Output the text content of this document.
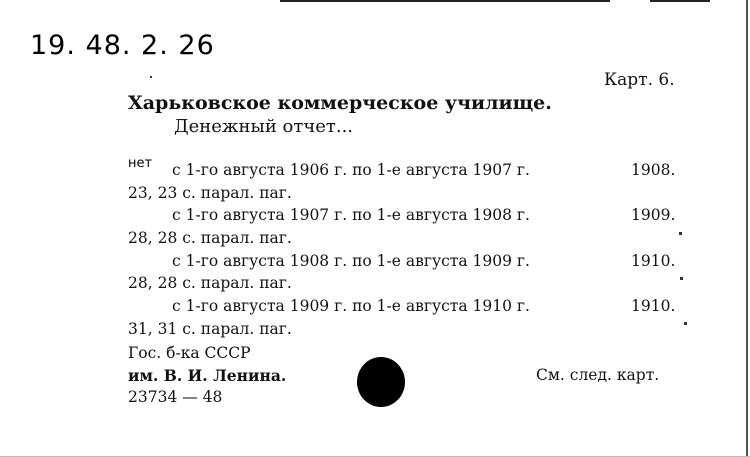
19. 48. 2. 26
Карт. 6.
Харьковское коммерческое училище.
Денежный отчет...
нет с 1-го августа 1906 г. по 1-е августа 1907 г.	1908.
23, 23 с. парал. паг.
с 1-го августа 1907 г. по 1-е августа 1908 г.	1909.
28, 28 с. парал. паг.
с 1-го августа 1908 г. по 1-е августа 1909 г.	1910.
28, 28 с. парал. паг.
с 1-го августа 1909 г. по 1-е августа 1910 г.	1910.
31, 31 с. парал. паг.
Гос. б-ка СССР
им. В. И. Ленина.
23734 — 48
См. след. карт.
